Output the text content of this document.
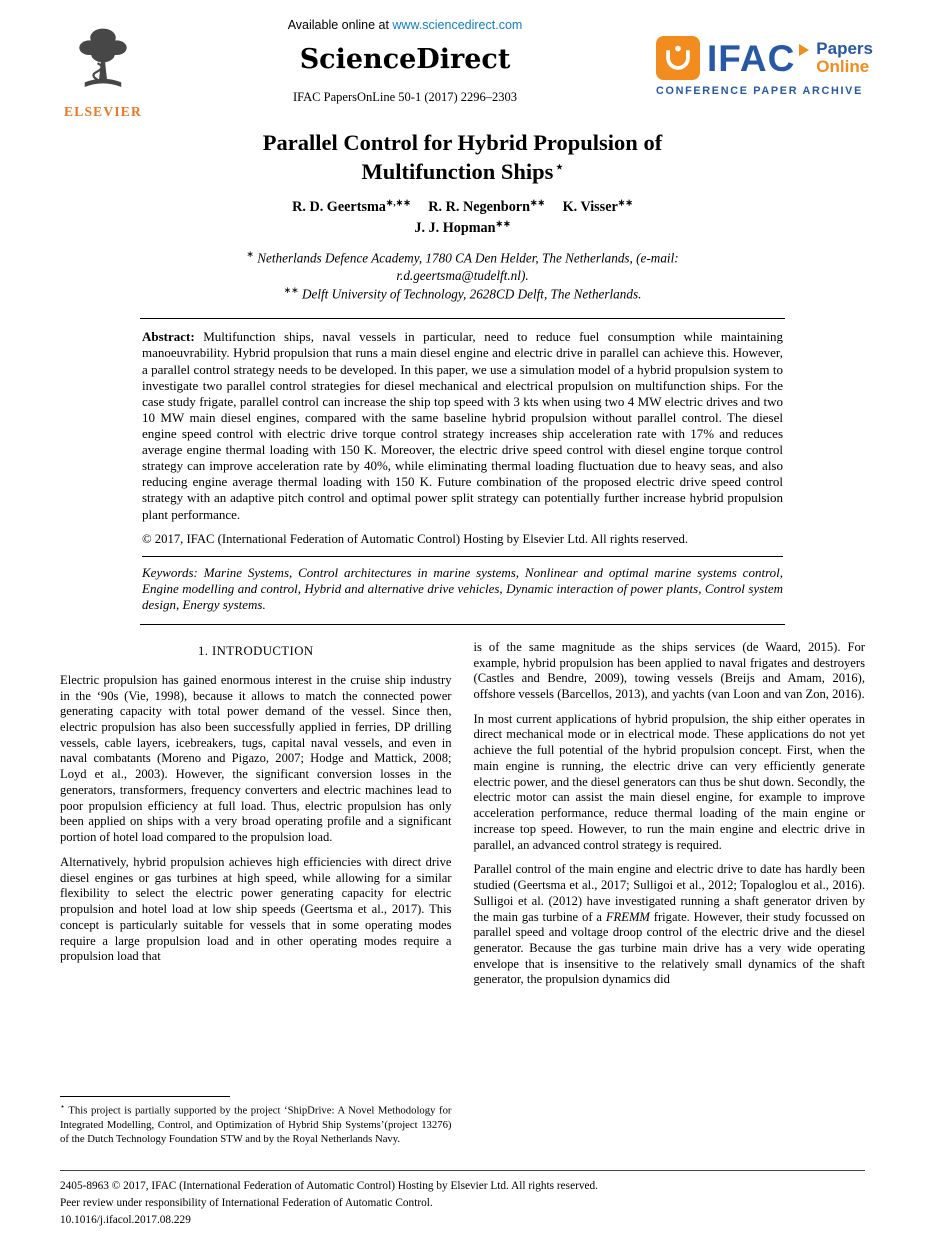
ELSEVIER
Available online at www.sciencedirect.com
ScienceDirect
IFAC PapersOnLine 50-1 (2017) 2296–2303
IFAC Papers
Online
CONFERENCE PAPER ARCHIVE
Parallel Control for Hybrid Propulsion of
Multifunction Ships ⋆
R. D. Geertsma∗,∗∗ R. R. Negenborn∗∗ K. Visser∗∗
J. J. Hopman∗∗
∗ Netherlands Defence Academy, 1780 CA Den Helder, The Netherlands, (e-mail: r.d.geertsma@tudelft.nl).
∗∗ Delft University of Technology, 2628CD Delft, The Netherlands.

Abstract: Multifunction ships, naval vessels in particular, need to reduce fuel consumption while maintaining manoeuvrability. Hybrid propulsion that runs a main diesel engine and electric drive in parallel can achieve this. However, a parallel control strategy needs to be developed. In this paper, we use a simulation model of a hybrid propulsion system to investigate two parallel control strategies for diesel mechanical and electrical propulsion on multifunction ships. For the case study frigate, parallel control can increase the ship top speed with 3 kts when using two 4 MW electric drives and two 10 MW main diesel engines, compared with the same baseline hybrid propulsion without parallel control. The diesel engine speed control with electric drive torque control strategy increases ship acceleration rate with 17% and reduces average engine thermal loading with 150 K. Moreover, the electric drive speed control with diesel engine torque control strategy can improve acceleration rate by 40%, while eliminating thermal loading fluctuation due to heavy seas, and also reducing engine average thermal loading with 150 K. Future combination of the proposed electric drive speed control strategy with an adaptive pitch control and optimal power split strategy can potentially further increase hybrid propulsion plant performance.

© 2017, IFAC (International Federation of Automatic Control) Hosting by Elsevier Ltd. All rights reserved.

Keywords: Marine Systems, Control architectures in marine systems, Nonlinear and optimal marine systems control, Engine modelling and control, Hybrid and alternative drive vehicles, Dynamic interaction of power plants, Control system design, Energy systems.

1. INTRODUCTION

Electric propulsion has gained enormous interest in the cruise ship industry in the ‘90s (Vie, 1998), because it allows to match the connected power generating capacity with total power demand of the vessel. Since then, electric propulsion has also been successfully applied in ferries, DP drilling vessels, cable layers, icebreakers, tugs, capital naval vessels, and even in naval combatants (Moreno and Pigazo, 2007; Hodge and Mattick, 2008; Loyd et al., 2003). However, the significant conversion losses in the generators, transformers, frequency converters and electric machines lead to poor propulsion efficiency at full load. Thus, electric propulsion has only been applied on ships with a very broad operating profile and a significant portion of hotel load compared to the propulsion load.

Alternatively, hybrid propulsion achieves high efficiencies with direct drive diesel engines or gas turbines at high speed, while allowing for a similar flexibility to select the electric power generating capacity for electric propulsion and hotel load at low ship speeds (Geertsma et al., 2017). This concept is particularly suitable for vessels that in some operating modes require a large propulsion load and in other operating modes require a propulsion load that

⋆ This project is partially supported by the project ‘ShipDrive: A Novel Methodology for Integrated Modelling, Control, and Optimization of Hybrid Ship Systems’(project 13276) of the Dutch Technology Foundation STW and by the Royal Netherlands Navy.

is of the same magnitude as the ships services (de Waard, 2015). For example, hybrid propulsion has been applied to naval frigates and destroyers (Castles and Bendre, 2009), towing vessels (Breijs and Amam, 2016), offshore vessels (Barcellos, 2013), and yachts (van Loon and van Zon, 2016).

In most current applications of hybrid propulsion, the ship either operates in direct mechanical mode or in electrical mode. These applications do not yet achieve the full potential of the hybrid propulsion concept. First, when the main engine is running, the electric drive can very efficiently generate electric power, and the diesel generators can thus be shut down. Secondly, the electric motor can assist the main diesel engine, for example to improve acceleration performance, reduce thermal loading of the main engine or increase top speed. However, to run the main engine and electric drive in parallel, an advanced control strategy is required.

Parallel control of the main engine and electric drive to date has hardly been studied (Geertsma et al., 2017; Sulligoi et al., 2012; Topaloglou et al., 2016). Sulligoi et al. (2012) have investigated running a shaft generator driven by the main gas turbine of a FREMM frigate. However, their study focussed on parallel speed and voltage droop control of the electric drive and the diesel generator. Because the gas turbine main drive has a very wide operating envelope that is insensitive to the relatively small dynamics of the shaft generator, the propulsion dynamics did

2405-8963 © 2017, IFAC (International Federation of Automatic Control) Hosting by Elsevier Ltd. All rights reserved.

Peer review under responsibility of International Federation of Automatic Control.

10.1016/j.ifacol.2017.08.229
